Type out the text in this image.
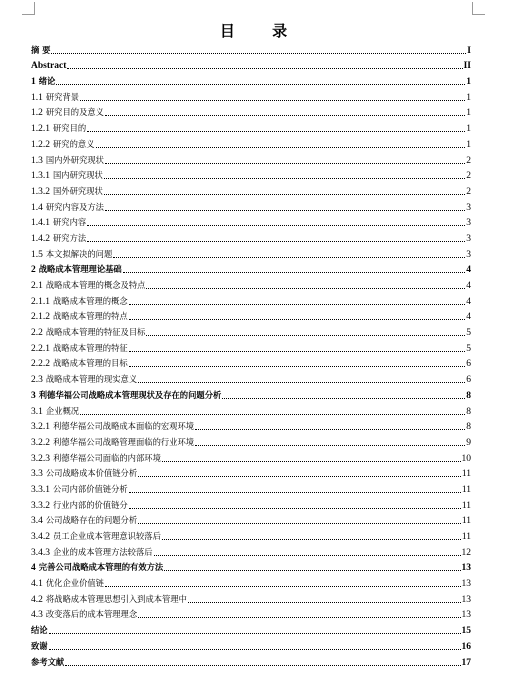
目 录
摘 要	I
Abstract	II
1 绪论	1
1.1 研究背景	1
1.2 研究目的及意义	1
1.2.1 研究目的	1
1.2.2 研究的意义	1
1.3 国内外研究现状	2
1.3.1 国内研究现状	2
1.3.2 国外研究现状	2
1.4 研究内容及方法	3
1.4.1 研究内容	3
1.4.2 研究方法	3
1.5 本文拟解决的问题	3
2 战略成本管理理论基础	4
2.1 战略成本管理的概念及特点	4
2.1.1 战略成本管理的概念	4
2.1.2 战略成本管理的特点	4
2.2 战略成本管理的特征及目标	5
2.2.1 战略成本管理的特征	5
2.2.2 战略成本管理的目标	6
2.3 战略成本管理的现实意义	6
3 利德华福公司战略成本管理现状及存在的问题分析	8
3.1 企业概况	8
3.2.1 利德华福公司战略成本面临的宏观环境	8
3.2.2 利德华福公司战略管理面临的行业环境	9
3.2.3 利德华福公司面临的内部环境	10
3.3 公司战略成本价值链分析	11
3.3.1 公司内部价值链分析	11
3.3.2 行业内部的价值链分	11
3.4 公司战略存在的问题分析	11
3.4.2 员工企业成本管理意识较落后	11
3.4.3 企业的成本管理方法较落后	12
4 完善公司战略成本管理的有效方法	13
4.1 优化企业价值链	13
4.2 将战略成本管理思想引入到成本管理中	13
4.3 改变落后的成本管理理念	13
结论	15
致谢	16
参考文献	17
